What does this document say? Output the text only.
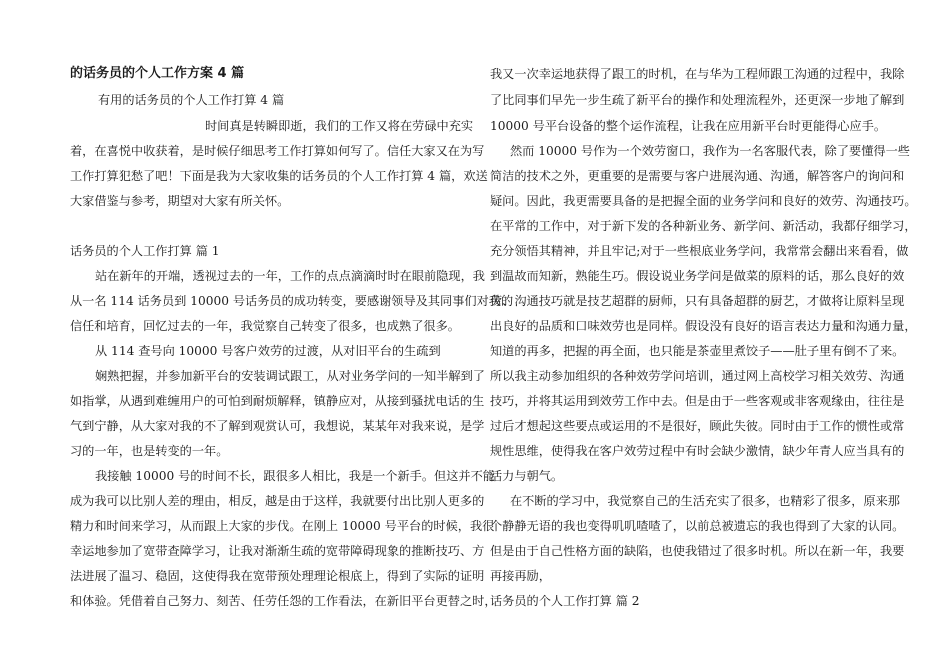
的话务员的个人工作方案 4 篇
有用的话务员的个人工作打算 4 篇
时间真是转瞬即逝，我们的工作又将在劳碌中充实
着，在喜悦中收获着，是时候仔细思考工作打算如何写了。信任大家又在为写
工作打算犯愁了吧！下面是我为大家收集的话务员的个人工作打算 4 篇，欢送
大家借鉴与参考，期望对大家有所关怀。
话务员的个人工作打算 篇 1
站在新年的开端，透视过去的一年，工作的点点滴滴时时在眼前隐现，我
从一名 114 话务员到 10000 号话务员的成功转变，要感谢领导及其同事们对我的
信任和培育，回忆过去的一年，我觉察自己转变了很多，也成熟了很多。
从 114 查号向 10000 号客户效劳的过渡，从对旧平台的生疏到
娴熟把握，并参加新平台的安装调试跟工，从对业务学问的一知半解到了
如指掌，从遇到难缠用户的可怕到耐烦解释，镇静应对，从接到骚扰电话的生
气到宁静，从大家对我的不了解到观赏认可，我想说，某某年对我来说，是学
习的一年，也是转变的一年。
我接触 10000 号的时间不长，跟很多人相比，我是一个新手。但这并不能
成为我可以比别人差的理由，相反，越是由于这样，我就要付出比别人更多的
精力和时间来学习，从而跟上大家的步伐。在刚上 10000 号平台的时候，我很
幸运地参加了宽带查障学习，让我对渐渐生疏的宽带障碍现象的推断技巧、方
法进展了温习、稳固，这使得我在宽带预处理理论根底上，得到了实际的证明
和体验。凭借着自己努力、刻苦、任劳任怨的工作看法，在新旧平台更替之时，
我又一次幸运地获得了跟工的时机，在与华为工程师跟工沟通的过程中，我除
了比同事们早先一步生疏了新平台的操作和处理流程外，还更深一步地了解到
10000 号平台设备的整个运作流程，让我在应用新平台时更能得心应手。
然而 10000 号作为一个效劳窗口，我作为一名客服代表，除了要懂得一些
简洁的技术之外，更重要的是需要与客户进展沟通、沟通，解答客户的询问和
疑问。因此，我更需要具备的是把握全面的业务学问和良好的效劳、沟通技巧。
在平常的工作中，对于新下发的各种新业务、新学问、新活动，我都仔细学习，
充分领悟其精神，并且牢记;对于一些根底业务学问，我常常会翻出来看看，做
到温故而知新，熟能生巧。假设说业务学问是做菜的原料的话，那么良好的效
劳、沟通技巧就是技艺超群的厨师，只有具备超群的厨艺，才做将让原料呈现
出良好的品质和口味效劳也是同样。假设没有良好的语言表达力量和沟通力量，
知道的再多，把握的再全面，也只能是茶壶里煮饺子——肚子里有倒不了来。
所以我主动参加组织的各种效劳学问培训，通过网上高校学习相关效劳、沟通
技巧，并将其运用到效劳工作中去。但是由于一些客观或非客观缘由，往往是
过后才想起这些要点或运用的不是很好，顾此失彼。同时由于工作的惯性或常
规性思维，使得我在客户效劳过程中有时会缺少激情，缺少年青人应当具有的
活力与朝气。
在不断的学习中，我觉察自己的生活充实了很多，也精彩了很多，原来那
个静静无语的我也变得叽叽喳喳了，以前总被遗忘的我也得到了大家的认同。
但是由于自己性格方面的缺陷，也使我错过了很多时机。所以在新一年，我要
再接再励，
话务员的个人工作打算 篇 2
